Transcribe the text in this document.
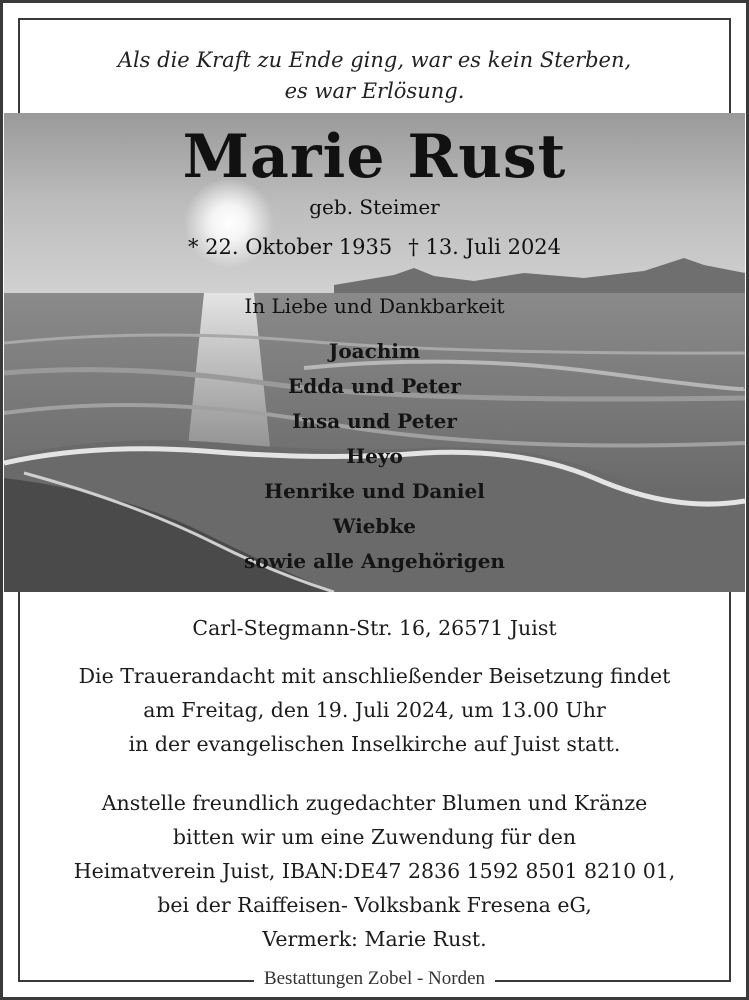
Als die Kraft zu Ende ging, war es kein Sterben,
es war Erlösung.
Marie Rust
geb. Steimer
* 22. Oktober 1935 † 13. Juli 2024
In Liebe und Dankbarkeit
Joachim
Edda und Peter
Insa und Peter
Heyo
Henrike und Daniel
Wiebke
sowie alle Angehörigen
Carl-Stegmann-Str. 16, 26571 Juist
Die Trauerandacht mit anschließender Beisetzung findet
am Freitag, den 19. Juli 2024, um 13.00 Uhr
in der evangelischen Inselkirche auf Juist statt.
Anstelle freundlich zugedachter Blumen und Kränze
bitten wir um eine Zuwendung für den
Heimatverein Juist, IBAN:DE47 2836 1592 8501 8210 01,
bei der Raiffeisen- Volksbank Fresena eG,
Vermerk: Marie Rust.
Bestattungen Zobel - Norden
